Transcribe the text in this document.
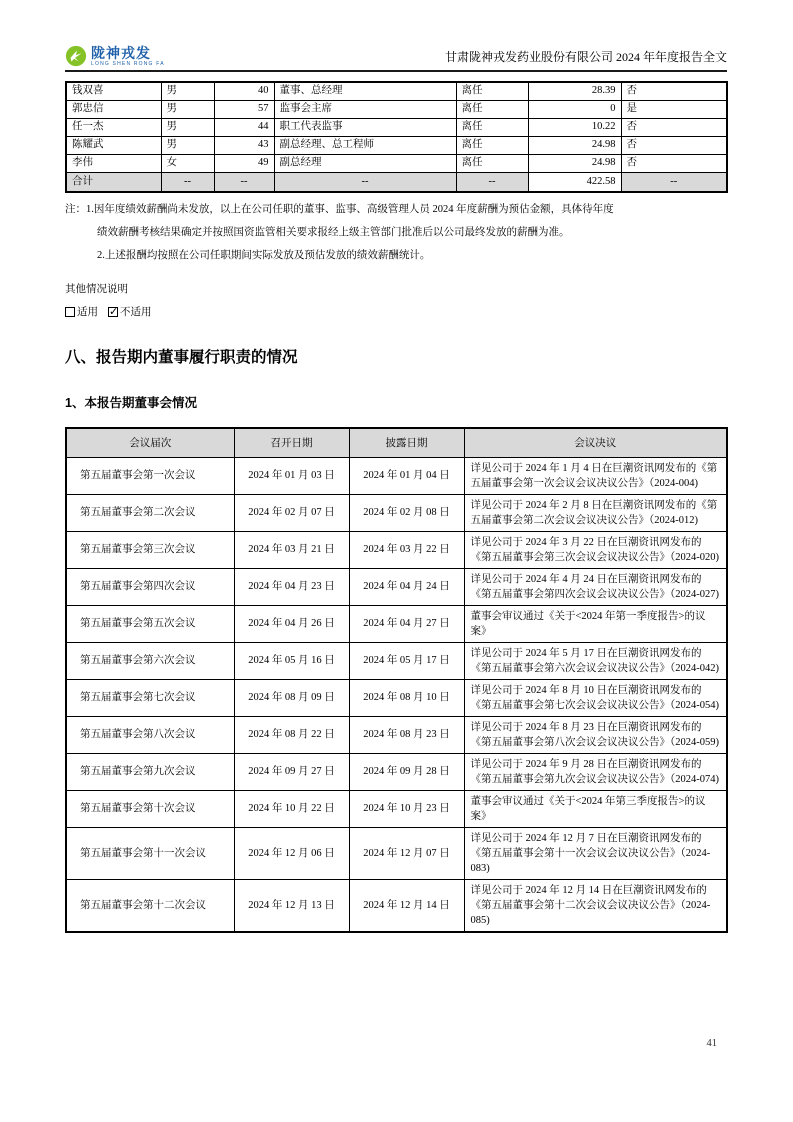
陇神戎发
LONG SHEN RONG FA	甘肃陇神戎发药业股份有限公司 2024 年年度报告全文
钱双喜	男	40	董事、总经理	离任	28.39	否
郭忠信	男	57	监事会主席	离任	0	是
任一杰	男	44	职工代表监事	离任	10.22	否
陈耀武	男	43	副总经理、总工程师	离任	24.98	否
李伟	女	49	副总经理	离任	24.98	否
合计	--	--	--	--	422.58	--
注：1.因年度绩效薪酬尚未发放，以上在公司任职的董事、监事、高级管理人员 2024 年度薪酬为预估金额，具体待年度
绩效薪酬考核结果确定并按照国资监管相关要求报经上级主管部门批准后以公司最终发放的薪酬为准。
2.上述报酬均按照在公司任职期间实际发放及预估发放的绩效薪酬统计。
其他情况说明
适用 ✓ 不适用
八、报告期内董事履行职责的情况
1、本报告期董事会情况
会议届次	召开日期	披露日期	会议决议
第五届董事会第一次会议	2024 年 01 月 03 日	2024 年 01 月 04 日	详见公司于 2024 年 1 月 4 日在巨潮资讯网发布的《第五届董事会第一次会议会议决议公告》（2024-004)
第五届董事会第二次会议	2024 年 02 月 07 日	2024 年 02 月 08 日	详见公司于 2024 年 2 月 8 日在巨潮资讯网发布的《第五届董事会第二次会议会议决议公告》（2024-012)
第五届董事会第三次会议	2024 年 03 月 21 日	2024 年 03 月 22 日	详见公司于 2024 年 3 月 22 日在巨潮资讯网发布的《第五届董事会第三次会议会议决议公告》（2024-020)
第五届董事会第四次会议	2024 年 04 月 23 日	2024 年 04 月 24 日	详见公司于 2024 年 4 月 24 日在巨潮资讯网发布的《第五届董事会第四次会议会议决议公告》（2024-027)
第五届董事会第五次会议	2024 年 04 月 26 日	2024 年 04 月 27 日	董事会审议通过《关于<2024 年第一季度报告>的议案》
第五届董事会第六次会议	2024 年 05 月 16 日	2024 年 05 月 17 日	详见公司于 2024 年 5 月 17 日在巨潮资讯网发布的《第五届董事会第六次会议会议决议公告》（2024-042)
第五届董事会第七次会议	2024 年 08 月 09 日	2024 年 08 月 10 日	详见公司于 2024 年 8 月 10 日在巨潮资讯网发布的《第五届董事会第七次会议会议决议公告》（2024-054)
第五届董事会第八次会议	2024 年 08 月 22 日	2024 年 08 月 23 日	详见公司于 2024 年 8 月 23 日在巨潮资讯网发布的《第五届董事会第八次会议会议决议公告》（2024-059)
第五届董事会第九次会议	2024 年 09 月 27 日	2024 年 09 月 28 日	详见公司于 2024 年 9 月 28 日在巨潮资讯网发布的《第五届董事会第九次会议会议决议公告》（2024-074)
第五届董事会第十次会议	2024 年 10 月 22 日	2024 年 10 月 23 日	董事会审议通过《关于<2024 年第三季度报告>的议案》
第五届董事会第十一次会议	2024 年 12 月 06 日	2024 年 12 月 07 日	详见公司于 2024 年 12 月 7 日在巨潮资讯网发布的《第五届董事会第十一次会议会议决议公告》（2024-083)
第五届董事会第十二次会议	2024 年 12 月 13 日	2024 年 12 月 14 日	详见公司于 2024 年 12 月 14 日在巨潮资讯网发布的《第五届董事会第十二次会议会议决议公告》（2024-085)
41
